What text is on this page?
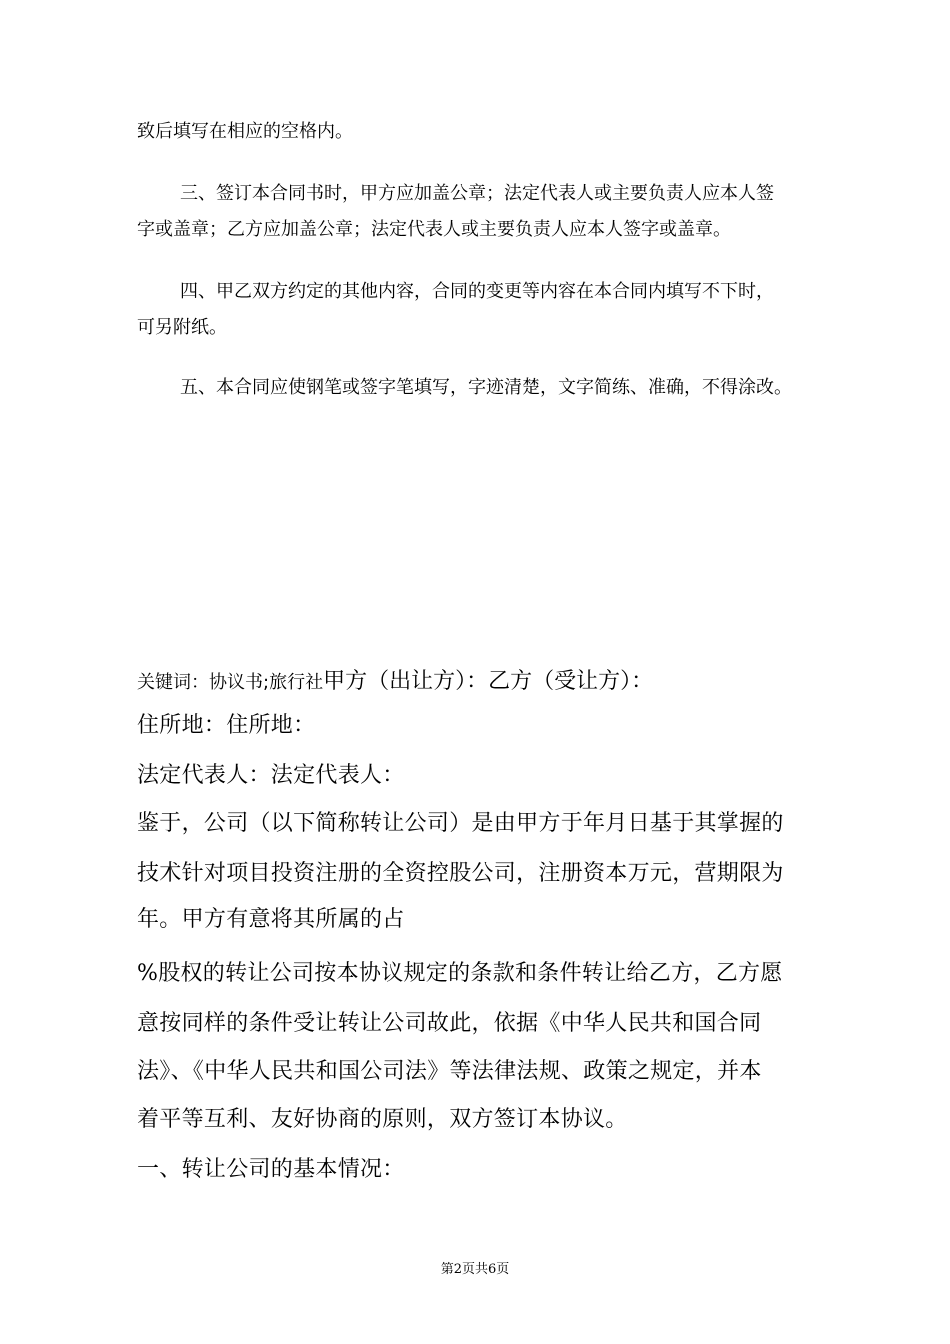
致后填写在相应的空格内。
三、签订本合同书时，甲方应加盖公章；法定代表人或主要负责人应本人签
字或盖章；乙方应加盖公章；法定代表人或主要负责人应本人签字或盖章。
四、甲乙双方约定的其他内容，合同的变更等内容在本合同内填写不下时，
可另附纸。
五、本合同应使钢笔或签字笔填写，字迹清楚，文字简练、准确，不得涂改。
关键词：协议书;旅行社甲方（出让方）：乙方（受让方）：
住所地：住所地：
法定代表人：法定代表人：
鉴于，公司（以下简称转让公司）是由甲方于年月日基于其掌握的
技术针对项目投资注册的全资控股公司，注册资本万元，营期限为
年。甲方有意将其所属的占
%股权的转让公司按本协议规定的条款和条件转让给乙方，乙方愿
意按同样的条件受让转让公司故此，依据《中华人民共和国合同
法》、《中华人民共和国公司法》等法律法规、政策之规定，并本
着平等互利、友好协商的原则，双方签订本协议。
一、转让公司的基本情况：
第2页共6页
